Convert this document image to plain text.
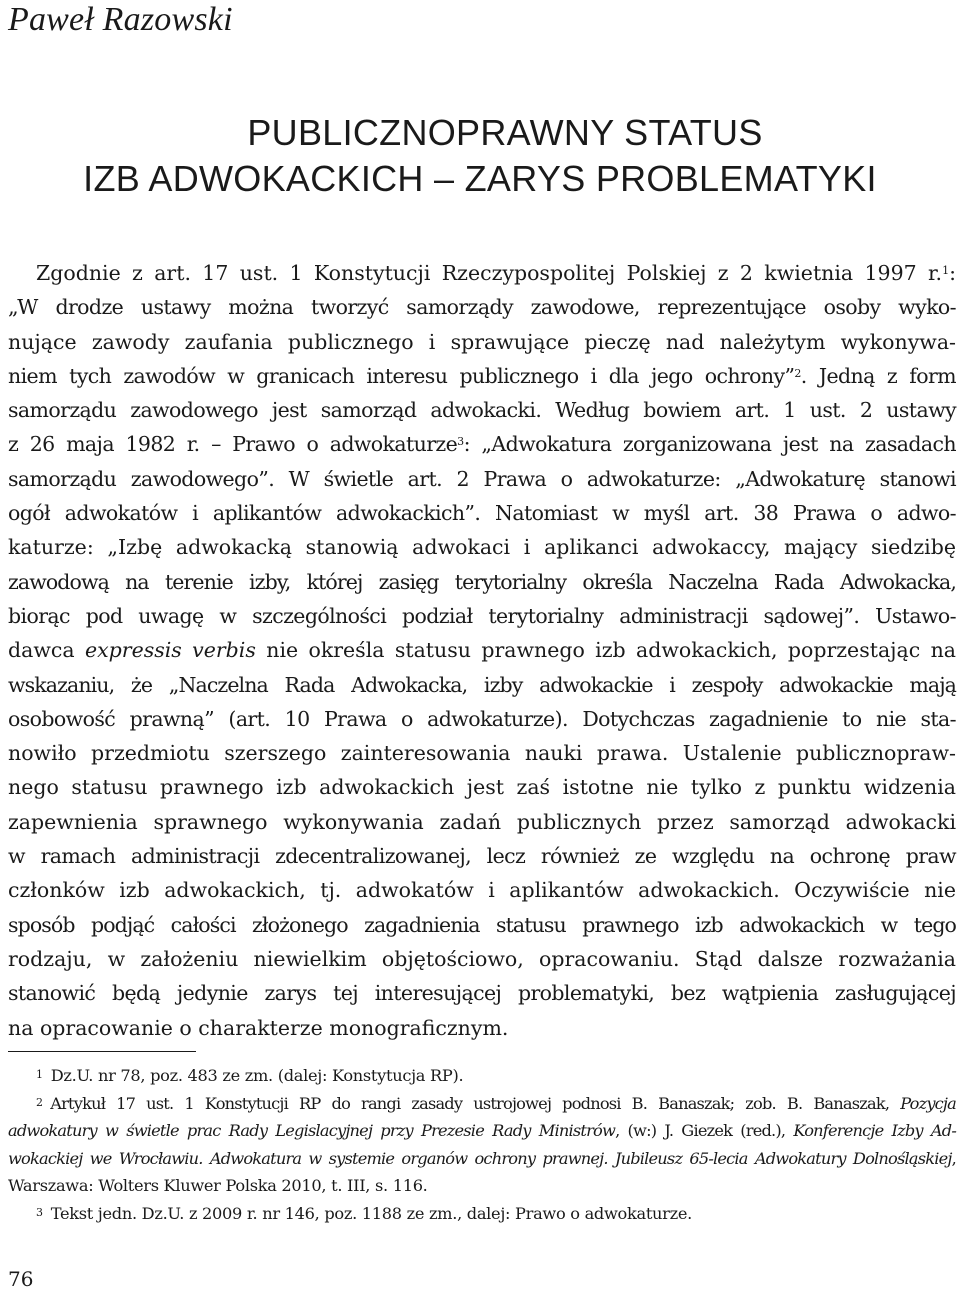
Paweł Razowski
PUBLICZNOPRAWNY STATUS
IZB ADWOKACKICH – ZARYS PROBLEMATYKI
Zgodnie z art. 17 ust. 1 Konstytucji Rzeczypospolitej Polskiej z 2 kwietnia 1997 r.$^1$:
„W drodze ustawy można tworzyć samorządy zawodowe, reprezentujące osoby wyko-
nujące zawody zaufania publicznego i sprawujące pieczę nad należytym wykonywa-
niem tych zawodów w granicach interesu publicznego i dla jego ochrony”$^2$. Jedną z form
samorządu zawodowego jest samorząd adwokacki. Według bowiem art. 1 ust. 2 ustawy
z 26 maja 1982 r. – Prawo o adwokaturze$^3$: „Adwokatura zorganizowana jest na zasadach
samorządu zawodowego”. W świetle art. 2 Prawa o adwokaturze: „Adwokaturę stanowi
ogół adwokatów i aplikantów adwokackich”. Natomiast w myśl art. 38 Prawa o adwo-
katurze: „Izbę adwokacką stanowią adwokaci i aplikanci adwokaccy, mający siedzibę
zawodową na terenie izby, której zasięg terytorialny określa Naczelna Rada Adwokacka,
biorąc pod uwagę w szczególności podział terytorialny administracji sądowej”. Ustawo-
dawca expressis verbis nie określa statusu prawnego izb adwokackich, poprzestając na
wskazaniu, że „Naczelna Rada Adwokacka, izby adwokackie i zespoły adwokackie mają
osobowość prawną” (art. 10 Prawa o adwokaturze). Dotychczas zagadnienie to nie sta-
nowiło przedmiotu szerszego zainteresowania nauki prawa. Ustalenie publicznopraw-
nego statusu prawnego izb adwokackich jest zaś istotne nie tylko z punktu widzenia
zapewnienia sprawnego wykonywania zadań publicznych przez samorząd adwokacki
w ramach administracji zdecentralizowanej, lecz również ze względu na ochronę praw
członków izb adwokackich, tj. adwokatów i aplikantów adwokackich. Oczywiście nie
sposób podjąć całości złożonego zagadnienia statusu prawnego izb adwokackich w tego
rodzaju, w założeniu niewielkim objętościowo, opracowaniu. Stąd dalsze rozważania
stanowić będą jedynie zarys tej interesującej problematyki, bez wątpienia zasługującej
na opracowanie o charakterze monograficznym.
$^1$ Dz.U. nr 78, poz. 483 ze zm. (dalej: Konstytucja RP).
$^2$ Artykuł 17 ust. 1 Konstytucji RP do rangi zasady ustrojowej podnosi B. Banaszak; zob. B. Banaszak, Pozycja
adwokatury w świetle prac Rady Legislacyjnej przy Prezesie Rady Ministrów, (w:) J. Giezek (red.), Konferencje Izby Ad-
wokackiej we Wrocławiu. Adwokatura w systemie organów ochrony prawnej. Jubileusz 65-lecia Adwokatury Dolnośląskiej,
Warszawa: Wolters Kluwer Polska 2010, t. III, s. 116.
$^3$ Tekst jedn. Dz.U. z 2009 r. nr 146, poz. 1188 ze zm., dalej: Prawo o adwokaturze.
76
